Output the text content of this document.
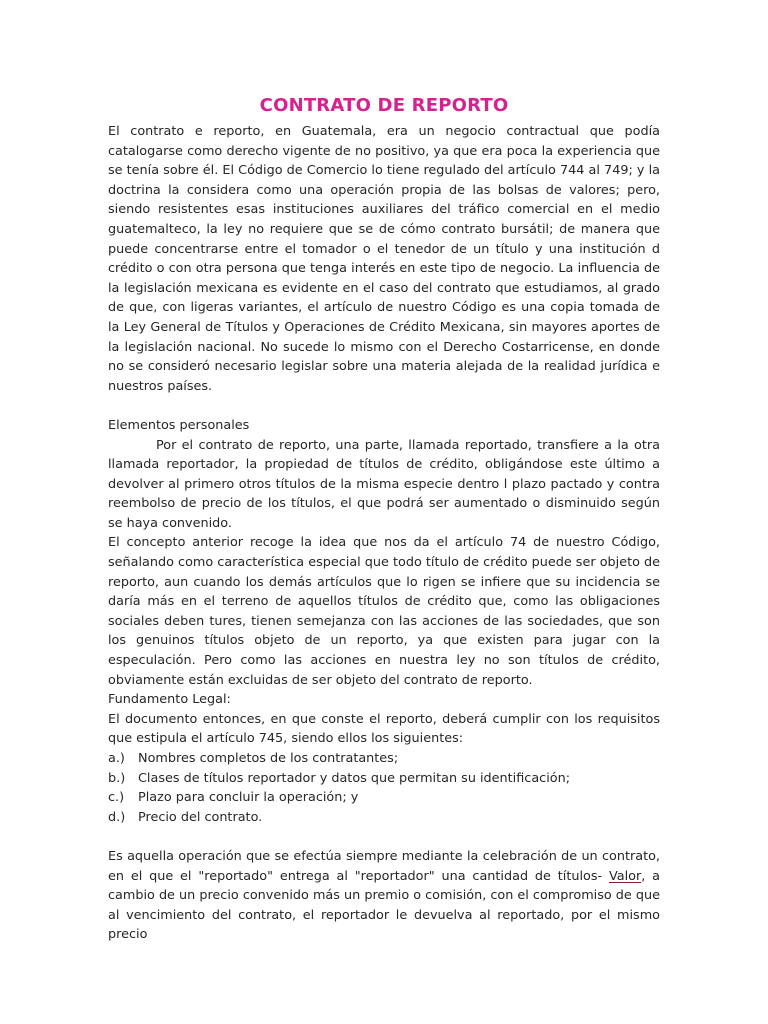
CONTRATO DE REPORTO

El contrato e reporto, en Guatemala, era un negocio contractual que podía catalogarse como derecho vigente de no positivo, ya que era poca la experiencia que se tenía sobre él. El Código de Comercio lo tiene regulado del artículo 744 al 749; y la doctrina la considera como una operación propia de las bolsas de valores; pero, siendo resistentes esas instituciones auxiliares del tráfico comercial en el medio guatemalteco, la ley no requiere que se de cómo contrato bursátil; de manera que puede concentrarse entre el tomador o el tenedor de un título y una institución d crédito o con otra persona que tenga interés en este tipo de negocio. La influencia de la legislación mexicana es evidente en el caso del contrato que estudiamos, al grado de que, con ligeras variantes, el artículo de nuestro Código es una copia tomada de la Ley General de Títulos y Operaciones de Crédito Mexicana, sin mayores aportes de la legislación nacional. No sucede lo mismo con el Derecho Costarricense, en donde no se consideró necesario legislar sobre una materia alejada de la realidad jurídica e nuestros países.

Elementos personales

Por el contrato de reporto, una parte, llamada reportado, transfiere a la otra llamada reportador, la propiedad de títulos de crédito, obligándose este último a devolver al primero otros títulos de la misma especie dentro l plazo pactado y contra reembolso de precio de los títulos, el que podrá ser aumentado o disminuido según se haya convenido.

El concepto anterior recoge la idea que nos da el artículo 74 de nuestro Código, señalando como característica especial que todo título de crédito puede ser objeto de reporto, aun cuando los demás artículos que lo rigen se infiere que su incidencia se daría más en el terreno de aquellos títulos de crédito que, como las obligaciones sociales deben tures, tienen semejanza con las acciones de las sociedades, que son los genuinos títulos objeto de un reporto, ya que existen para jugar con la especulación. Pero como las acciones en nuestra ley no son títulos de crédito, obviamente están excluidas de ser objeto del contrato de reporto.

Fundamento Legal:

El documento entonces, en que conste el reporto, deberá cumplir con los requisitos que estipula el artículo 745, siendo ellos los siguientes:

a.)	Nombres completos de los contratantes;
b.)	Clases de títulos reportador y datos que permitan su identificación;
c.)	Plazo para concluir la operación; y
d.)	Precio del contrato.

Es aquella operación que se efectúa siempre mediante la celebración de un contrato, en el que el "reportado" entrega al "reportador" una cantidad de títulos- Valor, a cambio de un precio convenido más un premio o comisión, con el compromiso de que al vencimiento del contrato, el reportador le devuelva al reportado, por el mismo precio
